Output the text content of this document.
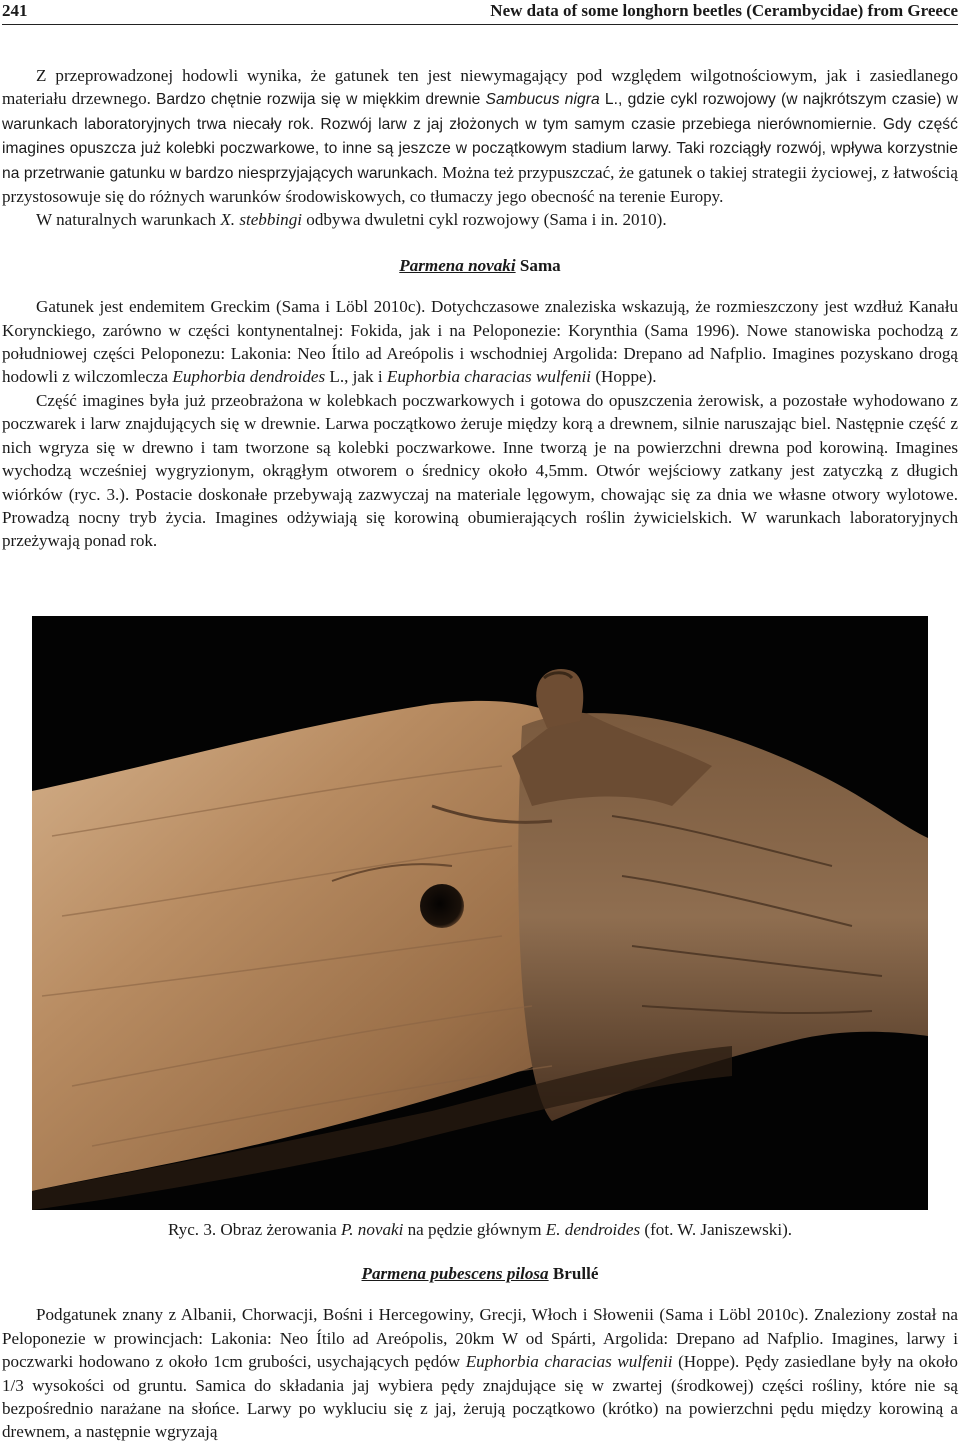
241	New data of some longhorn beetles (Cerambycidae) from Greece

Z przeprowadzonej hodowli wynika, że gatunek ten jest niewymagający pod względem wilgotnościowym, jak i zasiedlanego materiału drzewnego. Bardzo chętnie rozwija się w miękkim drewnie Sambucus nigra L., gdzie cykl rozwojowy (w najkrótszym czasie) w warunkach laboratoryjnych trwa niecały rok. Rozwój larw z jaj złożonych w tym samym czasie przebiega nierównomiernie. Gdy część imagines opuszcza już kolebki poczwarkowe, to inne są jeszcze w początkowym stadium larwy. Taki rozciągły rozwój, wpływa korzystnie na przetrwanie gatunku w bardzo niesprzyjających warunkach. Można też przypuszczać, że gatunek o takiej strategii życiowej, z łatwością przystosowuje się do różnych warunków środowiskowych, co tłumaczy jego obecność na terenie Europy.

W naturalnych warunkach X. stebbingi odbywa dwuletni cykl rozwojowy (Sama i in. 2010).

Parmena novaki Sama

Gatunek jest endemitem Greckim (Sama i Löbl 2010c). Dotychczasowe znaleziska wskazują, że rozmieszczony jest wzdłuż Kanału Korynckiego, zarówno w części kontynentalnej: Fokida, jak i na Peloponezie: Korynthia (Sama 1996). Nowe stanowiska pochodzą z południowej części Peloponezu: Lakonia: Neo Ítilo ad Areópolis i wschodniej Argolida: Drepano ad Nafplio. Imagines pozyskano drogą hodowli z wilczomlecza Euphorbia dendroides L., jak i Euphorbia characias wulfenii (Hoppe).

Część imagines była już przeobrażona w kolebkach poczwarkowych i gotowa do opuszczenia żerowisk, a pozostałe wyhodowano z poczwarek i larw znajdujących się w drewnie. Larwa początkowo żeruje między korą a drewnem, silnie naruszając biel. Następnie część z nich wgryza się w drewno i tam tworzone są kolebki poczwarkowe. Inne tworzą je na powierzchni drewna pod korowiną. Imagines wychodzą wcześniej wygryzionym, okrągłym otworem o średnicy około 4,5mm. Otwór wejściowy zatkany jest zatyczką z długich wiórków (ryc. 3.). Postacie doskonałe przebywają zazwyczaj na materiale lęgowym, chowając się za dnia we własne otwory wylotowe. Prowadzą nocny tryb życia. Imagines odżywiają się korowiną obumierających roślin żywicielskich. W warunkach laboratoryjnych przeżywają ponad rok.

Ryc. 3. Obraz żerowania P. novaki na pędzie głównym E. dendroides (fot. W. Janiszewski).

Parmena pubescens pilosa Brullé

Podgatunek znany z Albanii, Chorwacji, Bośni i Hercegowiny, Grecji, Włoch i Słowenii (Sama i Löbl 2010c). Znaleziony został na Peloponezie w prowincjach: Lakonia: Neo Ítilo ad Areópolis, 20km W od Spárti, Argolida: Drepano ad Nafplio. Imagines, larwy i poczwarki hodowano z około 1cm grubości, usychających pędów Euphorbia characias wulfenii (Hoppe). Pędy zasiedlane były na około 1/3 wysokości od gruntu. Samica do składania jaj wybiera pędy znajdujące się w zwartej (środkowej) części rośliny, które nie są bezpośrednio narażane na słońce. Larwy po wykluciu się z jaj, żerują początkowo (krótko) na powierzchni pędu między korowiną a drewnem, a następnie wgryzają
